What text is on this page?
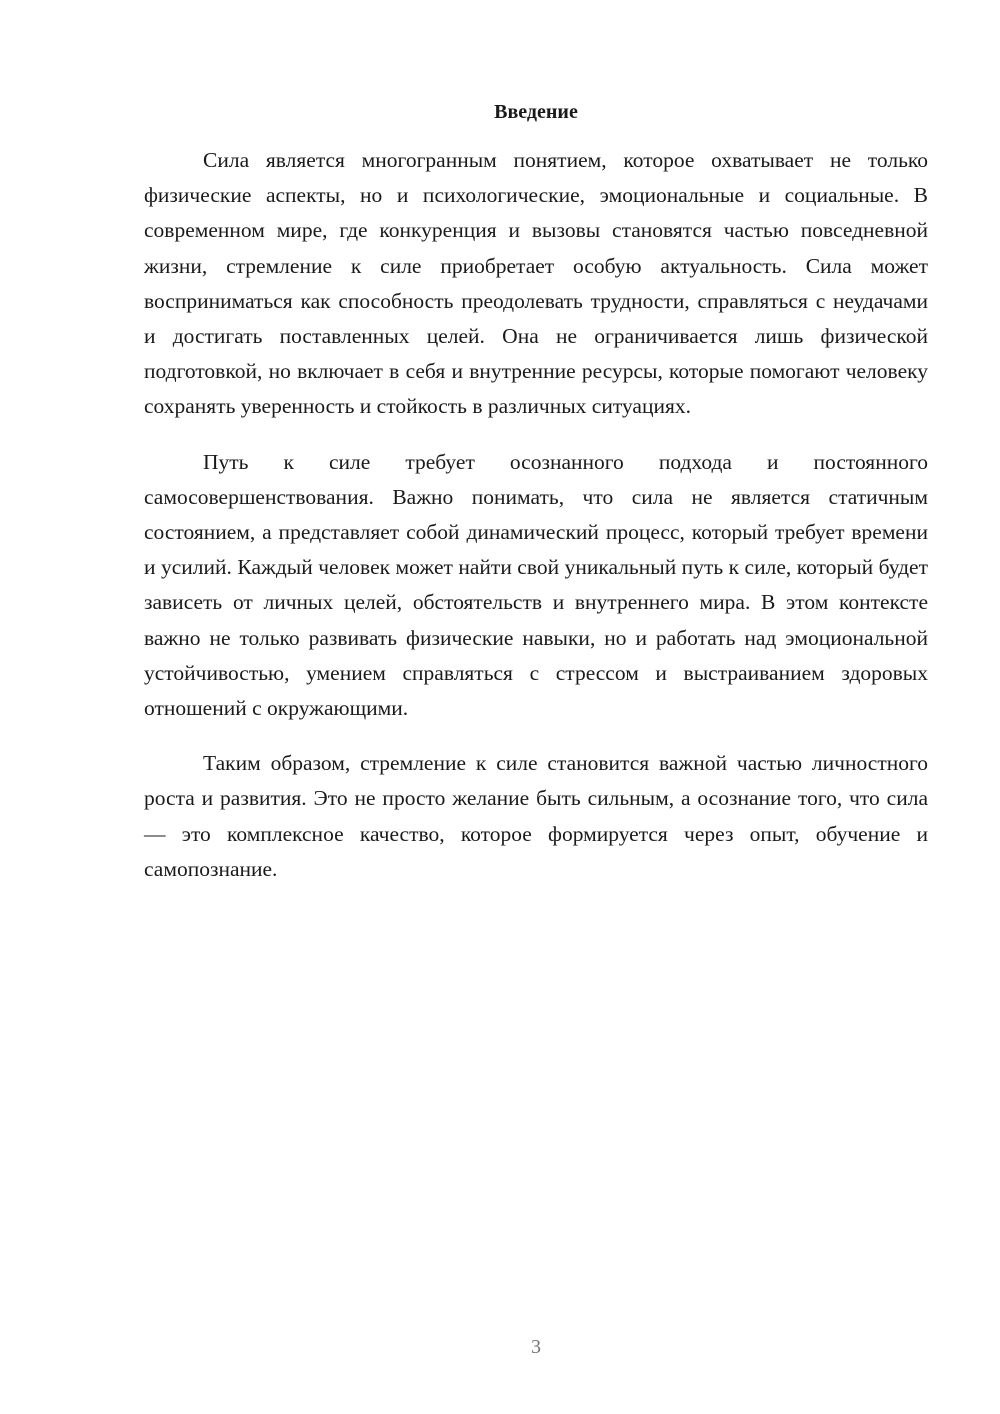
Введение

Сила является многогранным понятием, которое охватывает не только физические аспекты, но и психологические, эмоциональные и социальные. В современном мире, где конкуренция и вызовы становятся частью повседневной жизни, стремление к силе приобретает особую актуальность. Сила может восприниматься как способность преодолевать трудности, справляться с неудачами и достигать поставленных целей. Она не ограничивается лишь физической подготовкой, но включает в себя и внутренние ресурсы, которые помогают человеку сохранять уверенность и стойкость в различных ситуациях.

Путь к силе требует осознанного подхода и постоянного самосовершенствования. Важно понимать, что сила не является статичным состоянием, а представляет собой динамический процесс, который требует времени и усилий. Каждый человек может найти свой уникальный путь к силе, который будет зависеть от личных целей, обстоятельств и внутреннего мира. В этом контексте важно не только развивать физические навыки, но и работать над эмоциональной устойчивостью, умением справляться с стрессом и выстраиванием здоровых отношений с окружающими.

Таким образом, стремление к силе становится важной частью личностного роста и развития. Это не просто желание быть сильным, а осознание того, что сила — это комплексное качество, которое формируется через опыт, обучение и самопознание.

3
